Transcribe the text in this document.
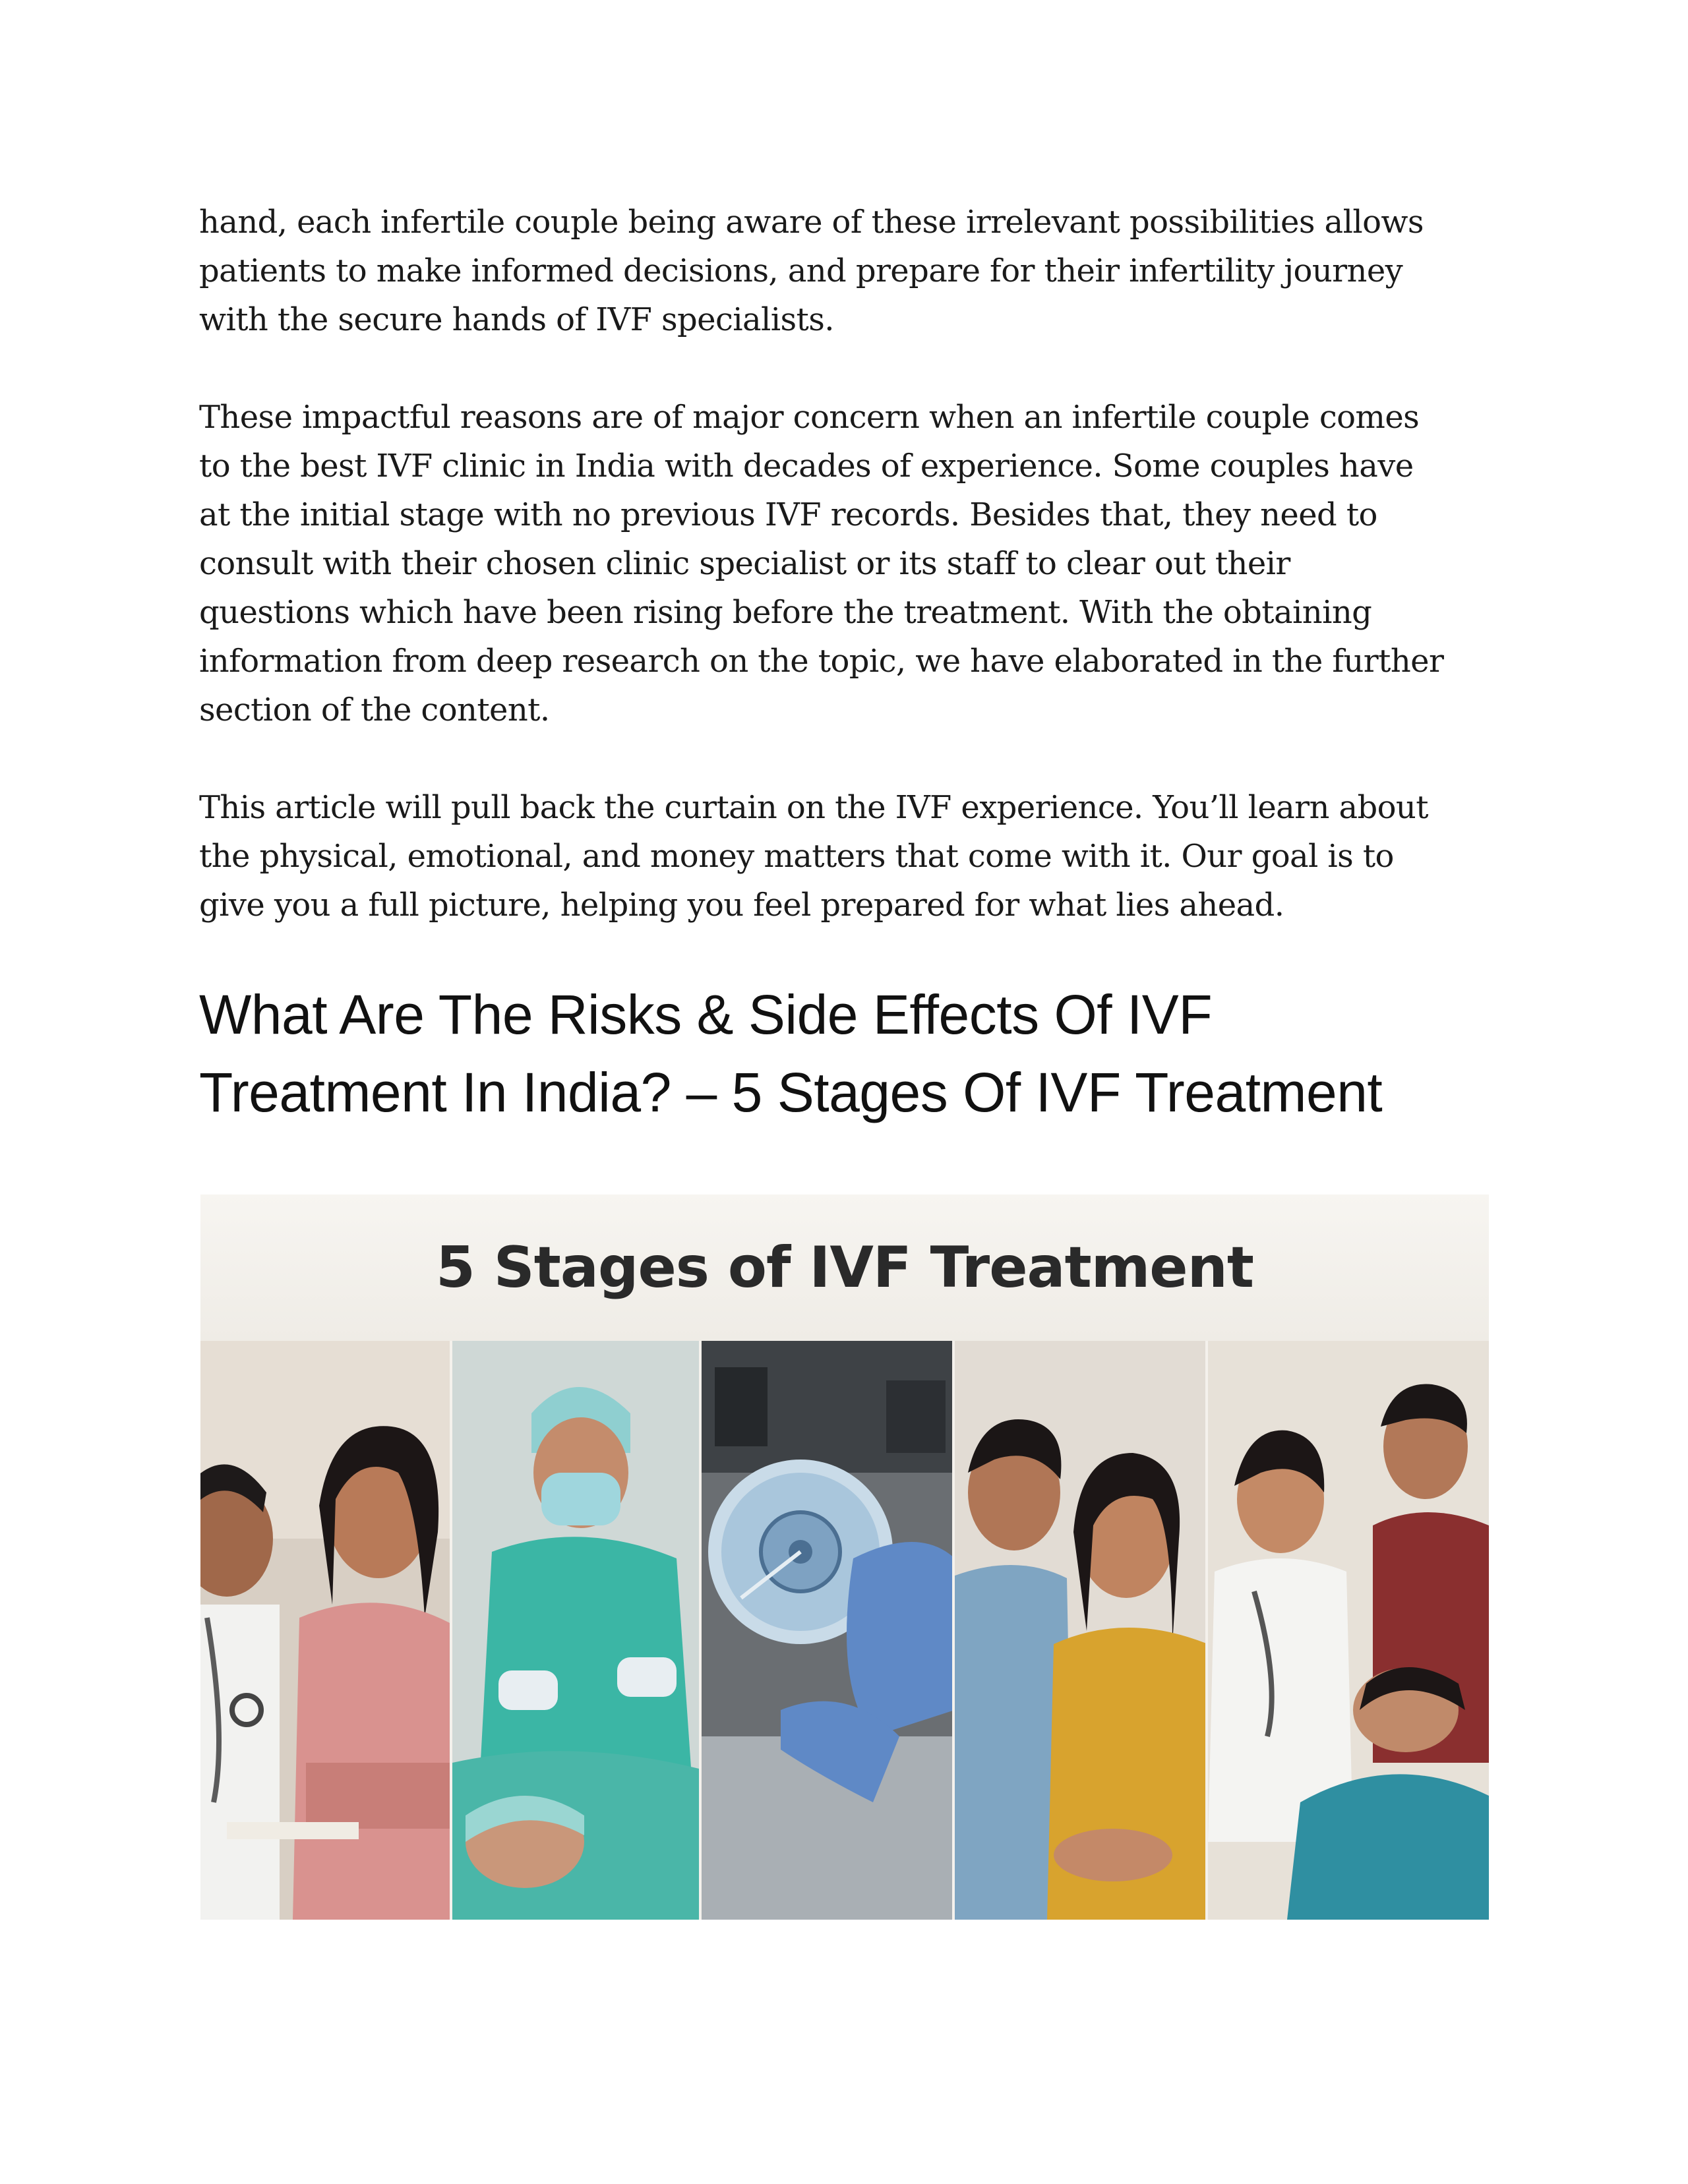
hand, each infertile couple being aware of these irrelevant possibilities allows
patients to make informed decisions, and prepare for their infertility journey
with the secure hands of IVF specialists.

These impactful reasons are of major concern when an infertile couple comes
to the best IVF clinic in India with decades of experience. Some couples have
at the initial stage with no previous IVF records. Besides that, they need to
consult with their chosen clinic specialist or its staff to clear out their
questions which have been rising before the treatment. With the obtaining
information from deep research on the topic, we have elaborated in the further
section of the content.

This article will pull back the curtain on the IVF experience. You’ll learn about
the physical, emotional, and money matters that come with it. Our goal is to
give you a full picture, helping you feel prepared for what lies ahead.

What Are The Risks & Side Effects Of IVF
Treatment In India? – 5 Stages Of IVF Treatment
5 Stages of IVF Treatment
